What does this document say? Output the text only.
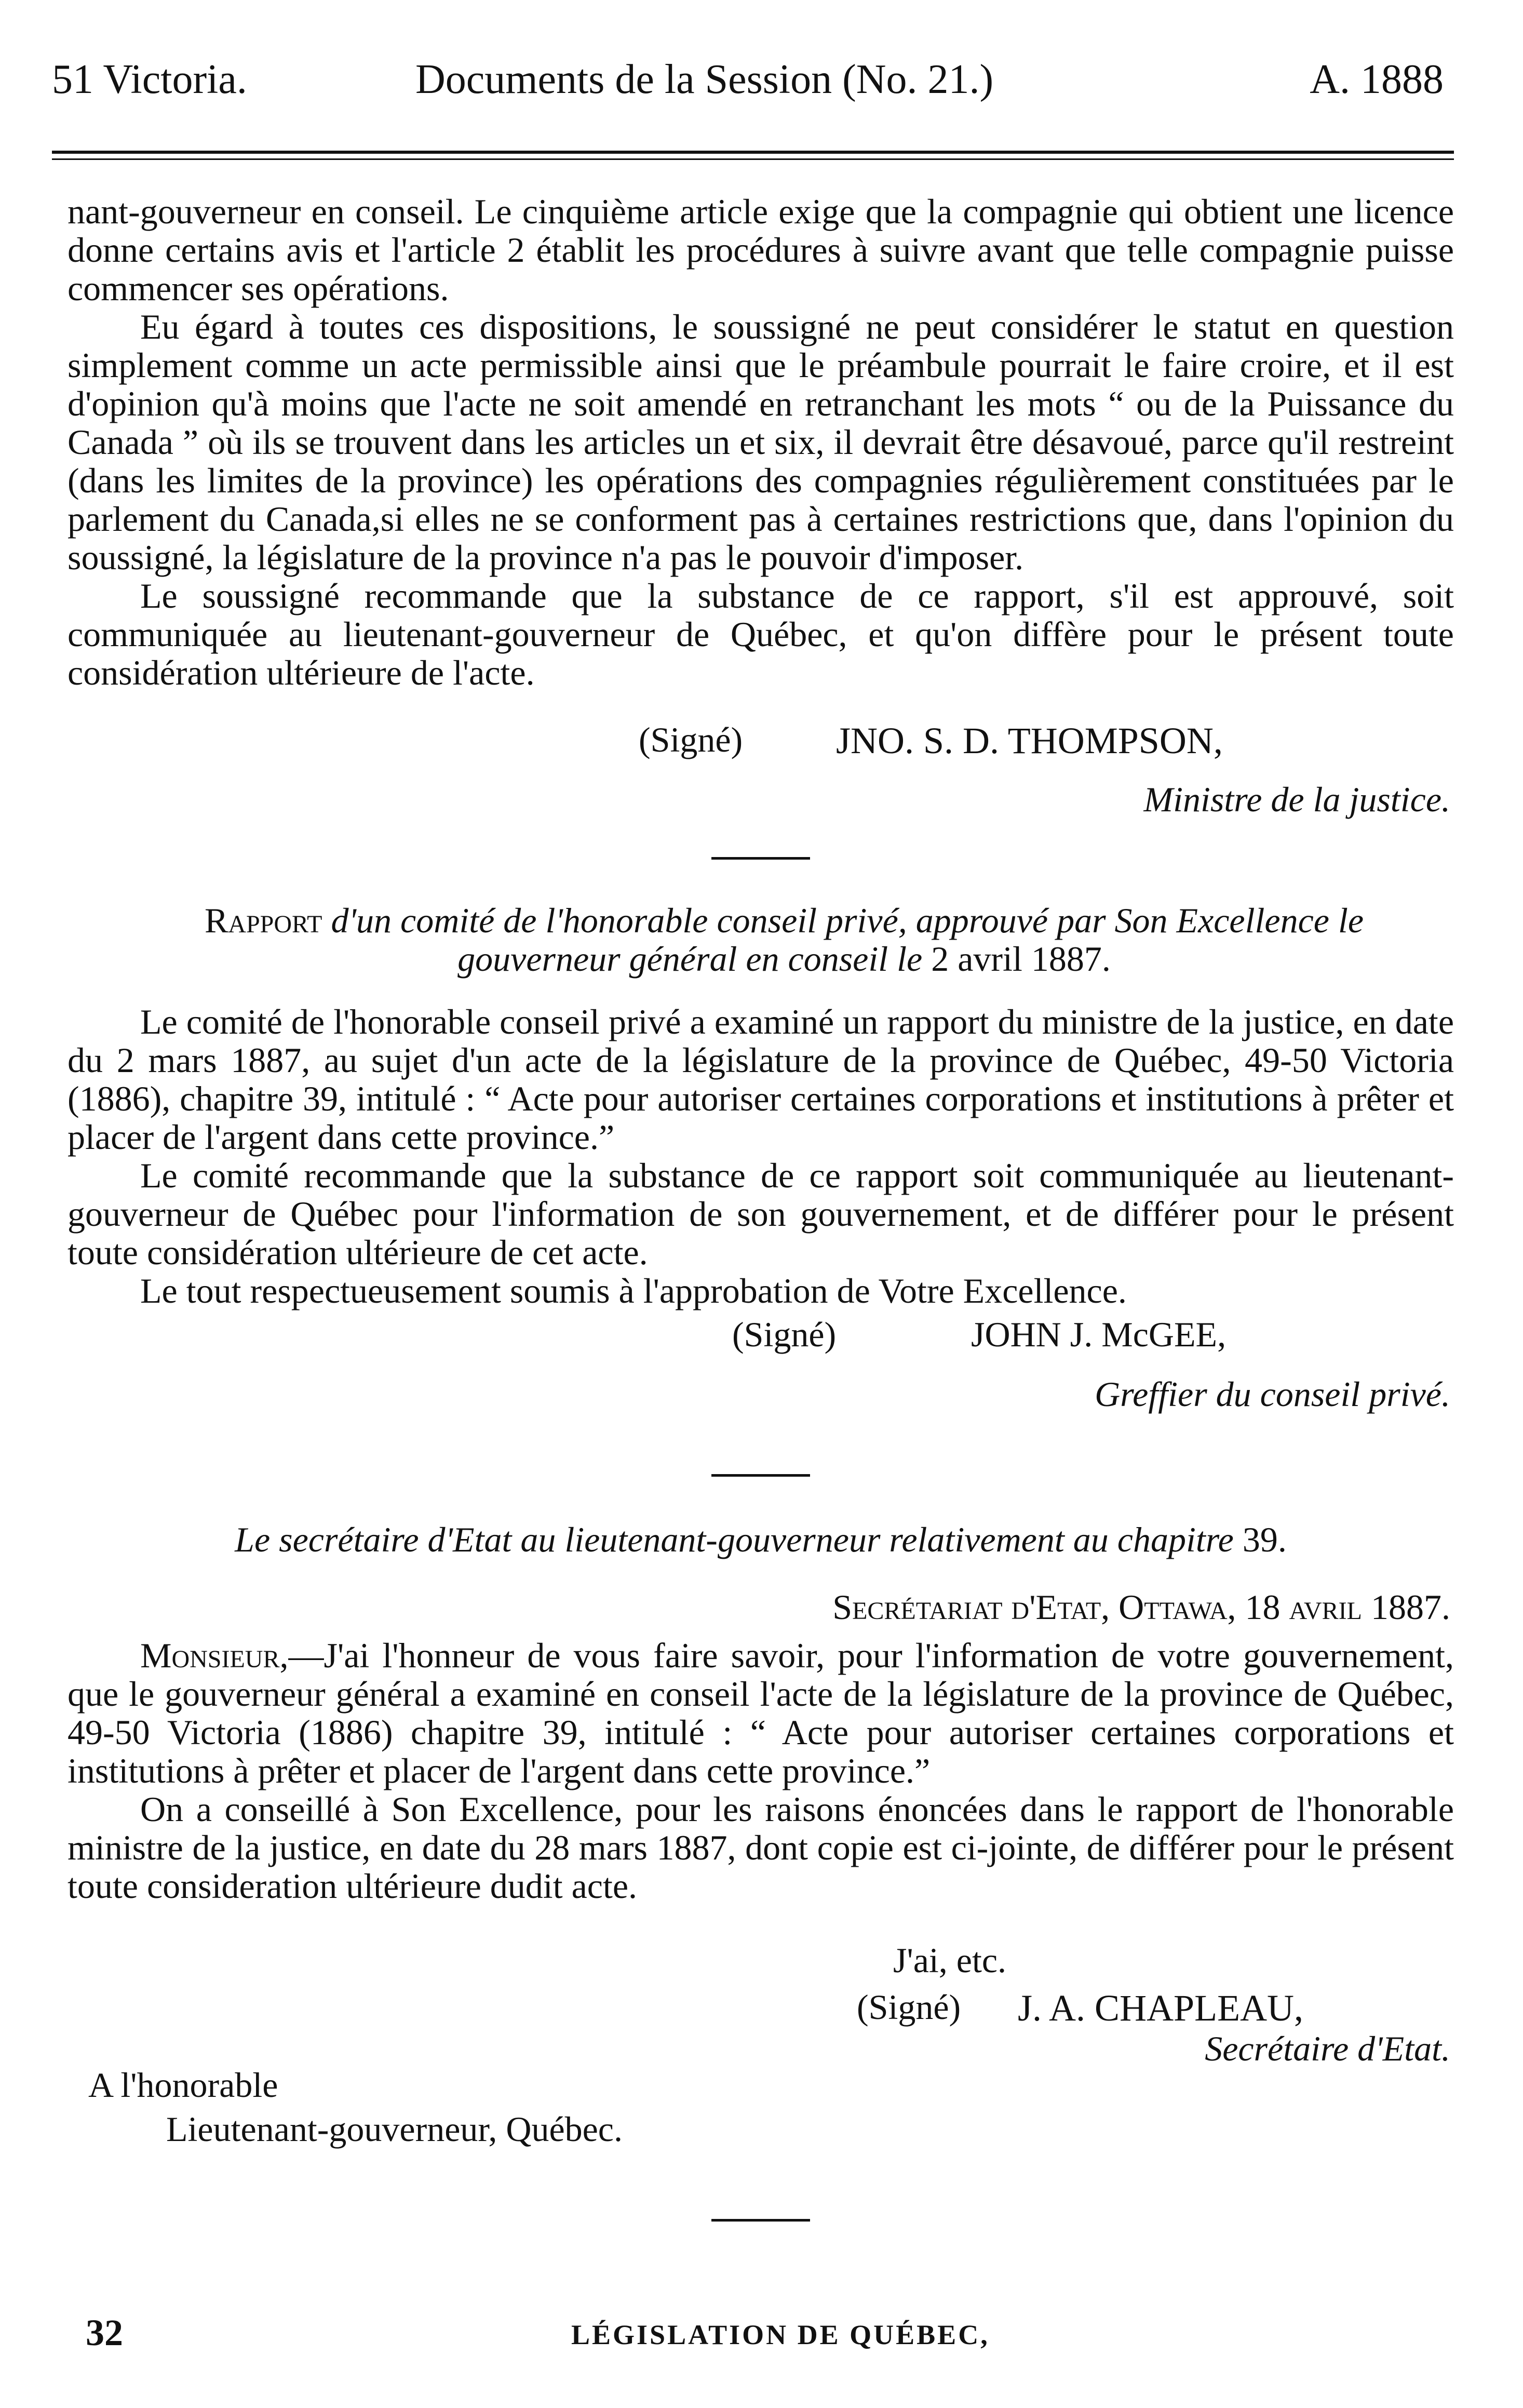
51 Victoria.	Documents de la Session (No. 21.)	A. 1888

nant-gouverneur en conseil. Le cinquième article exige que la compagnie qui obtient une licence donne certains avis et l'article 2 établit les procédures à suivre avant que telle compagnie puisse commencer ses opérations.

Eu égard à toutes ces dispositions, le soussigné ne peut considérer le statut en question simplement comme un acte permissible ainsi que le préambule pourrait le faire croire, et il est d'opinion qu'à moins que l'acte ne soit amendé en retranchant les mots “ ou de la Puissance du Canada ” où ils se trouvent dans les articles un et six, il devrait être désavoué, parce qu'il restreint (dans les limites de la province) les opérations des compagnies régulièrement constituées par le parlement du Canada,si elles ne se conforment pas à certaines restrictions que, dans l'opinion du soussigné, la législature de la province n'a pas le pouvoir d'imposer.

Le soussigné recommande que la substance de ce rapport, s'il est approuvé, soit communiquée au lieutenant-gouverneur de Québec, et qu'on diffère pour le présent toute considération ultérieure de l'acte.

(Signé) JNO. S. D. THOMPSON,
Ministre de la justice.
Rapport d'un comité de l'honorable conseil privé, approuvé par Son Excellence le gouverneur général en conseil le 2 avril 1887.

Le comité de l'honorable conseil privé a examiné un rapport du ministre de la justice, en date du 2 mars 1887, au sujet d'un acte de la législature de la province de Québec, 49-50 Victoria (1886), chapitre 39, intitulé : “ Acte pour autoriser certaines corporations et institutions à prêter et placer de l'argent dans cette province.”

Le comité recommande que la substance de ce rapport soit communiquée au lieutenant-gouverneur de Québec pour l'information de son gouvernement, et de différer pour le présent toute considération ultérieure de cet acte.

Le tout respectueusement soumis à l'approbation de Votre Excellence.

(Signé)	JOHN J. McGEE,
Greffier du conseil privé.
Le secrétaire d'Etat au lieutenant-gouverneur relativement au chapitre 39.
Secrétariat d'Etat, Ottawa, 18 avril 1887.

Monsieur,—J'ai l'honneur de vous faire savoir, pour l'information de votre gouvernement, que le gouverneur général a examiné en conseil l'acte de la législature de la province de Québec, 49-50 Victoria (1886) chapitre 39, intitulé : “ Acte pour autoriser certaines corporations et institutions à prêter et placer de l'argent dans cette province.”

On a conseillé à Son Excellence, pour les raisons énoncées dans le rapport de l'honorable ministre de la justice, en date du 28 mars 1887, dont copie est ci-jointe, de différer pour le présent toute consideration ultérieure dudit acte.

J'ai, etc.
(Signé) J. A. CHAPLEAU,
Secrétaire d'Etat.
A l'honorable
Lieutenant-gouverneur, Québec.
32	LÉGISLATION DE QUÉBEC,
